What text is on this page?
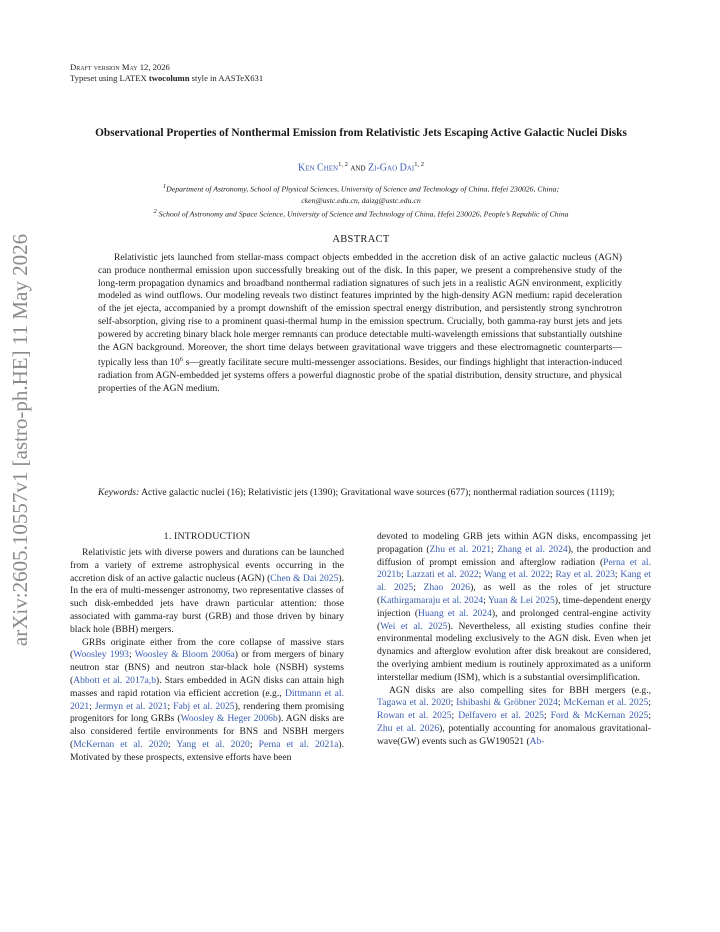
arXiv:2605.10557v1 [astro-ph.HE] 11 May 2026
Draft version May 12, 2026
Typeset using LATEX twocolumn style in AASTeX631
Observational Properties of Nonthermal Emission from Relativistic Jets Escaping Active Galactic Nuclei Disks
Ken Chen$^{1, 2}$ and Zi-Gao Dai$^{1, 2}$
$^1$Department of Astronomy, School of Physical Sciences, University of Science and Technology of China, Hefei 230026, China;
cken@ustc.edu.cn, daizg@ustc.edu.cn
$^2$ School of Astronomy and Space Science, University of Science and Technology of China, Hefei 230026, People’s Republic of China
ABSTRACT

Relativistic jets launched from stellar-mass compact objects embedded in the accretion disk of an active galactic nucleus (AGN) can produce nonthermal emission upon successfully breaking out of the disk. In this paper, we present a comprehensive study of the long-term propagation dynamics and broadband nonthermal radiation signatures of such jets in a realistic AGN environment, explicitly modeled as wind outflows. Our modeling reveals two distinct features imprinted by the high-density AGN medium: rapid deceleration of the jet ejecta, accompanied by a prompt downshift of the emission spectral energy distribution, and persistently strong synchrotron self-absorption, giving rise to a prominent quasi-thermal hump in the emission spectrum. Crucially, both gamma-ray burst jets and jets powered by accreting binary black hole merger remnants can produce detectable multi-wavelength emissions that substantially outshine the AGN background. Moreover, the short time delays between gravitational wave triggers and these electromagnetic counterparts—typically less than $10^6$ s—greatly facilitate secure multi-messenger associations. Besides, our findings highlight that interaction-induced radiation from AGN-embedded jet systems offers a powerful diagnostic probe of the spatial distribution, density structure, and physical properties of the AGN medium.

Keywords: Active galactic nuclei (16); Relativistic jets (1390); Gravitational wave sources (677); nonthermal radiation sources (1119);
1. INTRODUCTION

Relativistic jets with diverse powers and durations can be launched from a variety of extreme astrophysical events occurring in the accretion disk of an active galactic nucleus (AGN) (Chen & Dai 2025). In the era of multi-messenger astronomy, two representative classes of such disk-embedded jets have drawn particular attention: those associated with gamma-ray burst (GRB) and those driven by binary black hole (BBH) mergers.

GRBs originate either from the core collapse of massive stars (Woosley 1993; Woosley & Bloom 2006a) or from mergers of binary neutron star (BNS) and neutron star-black hole (NSBH) systems (Abbott et al. 2017a,b). Stars embedded in AGN disks can attain high masses and rapid rotation via efficient accretion (e.g., Dittmann et al. 2021; Jermyn et al. 2021; Fabj et al. 2025), rendering them promising progenitors for long GRBs (Woosley & Heger 2006b). AGN disks are also considered fertile environments for BNS and NSBH mergers (McKernan et al. 2020; Yang et al. 2020; Perna et al. 2021a). Motivated by these prospects, extensive efforts have been

devoted to modeling GRB jets within AGN disks, encompassing jet propagation (Zhu et al. 2021; Zhang et al. 2024), the production and diffusion of prompt emission and afterglow radiation (Perna et al. 2021b; Lazzati et al. 2022; Wang et al. 2022; Ray et al. 2023; Kang et al. 2025; Zhao 2026), as well as the roles of jet structure (Kathirgamaraju et al. 2024; Yuan & Lei 2025), time-dependent energy injection (Huang et al. 2024), and prolonged central-engine activity (Wei et al. 2025). Nevertheless, all existing studies confine their environmental modeling exclusively to the AGN disk. Even when jet dynamics and afterglow evolution after disk breakout are considered, the overlying ambient medium is routinely approximated as a uniform interstellar medium (ISM), which is a substantial oversimplification.

AGN disks are also compelling sites for BBH mergers (e.g., Tagawa et al. 2020; Ishibashi & Gröbner 2024; McKernan et al. 2025; Rowan et al. 2025; Delfavero et al. 2025; Ford & McKernan 2025; Zhu et al. 2026), potentially accounting for anomalous gravitational-wave(GW) events such as GW190521 (Ab-
